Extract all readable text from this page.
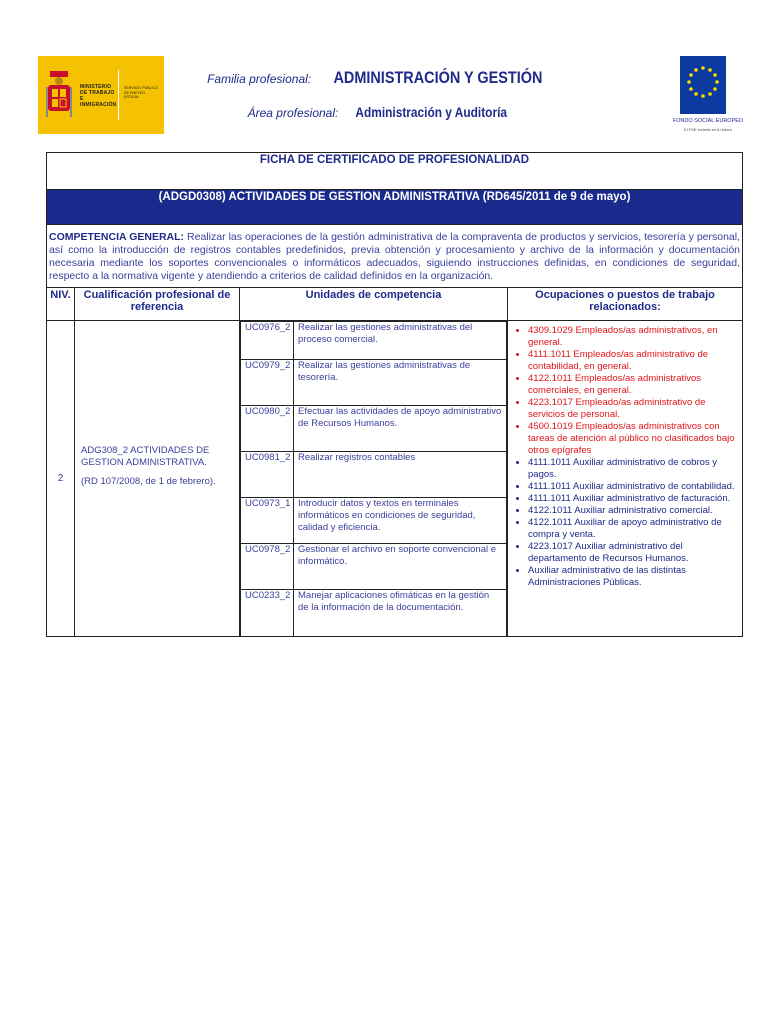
MINISTERIO DE TRABAJO E INMIGRACIÓN
SERVICIO PÚBLICO DE EMPLEO ESTATAL
Familia profesional: ADMINISTRACIÓN Y GESTIÓN
Área profesional: Administración y Auditoría
FONDO SOCIAL EUROPEO
El FSE invierte en tu futuro
FICHA DE CERTIFICADO DE PROFESIONALIDAD
(ADGD0308) ACTIVIDADES DE GESTION ADMINISTRATIVA (RD645/2011 de 9 de mayo)
COMPETENCIA GENERAL: Realizar las operaciones de la gestión administrativa de la compraventa de productos y servicios, tesorería y personal, así como la introducción de registros contables predefinidos, previa obtención y procesamiento y archivo de la información y documentación necesaria mediante los soportes convencionales o informáticos adecuados, siguiendo instrucciones definidas, en condiciones de seguridad, respecto a la normativa vigente y atendiendo a criterios de calidad definidos en la organización.
NIV.	Cualificación profesional de referencia	Unidades de competencia	Ocupaciones o puestos de trabajo relacionados:
2	
ADG308_2 ACTIVIDADES DE GESTION ADMINISTRATIVA.
(RD 107/2008, de 1 de febrero).

UC0976_2	Realizar las gestiones administrativas del proceso comercial.
UC0979_2	Realizar las gestiones administrativas de tesorería.
UC0980_2	Efectuar las actividades de apoyo administrativo de Recursos Humanos.
UC0981_2	Realizar registros contables
UC0973_1	Introducir datos y textos en terminales informáticos en condiciones de seguridad, calidad y eficiencia.
UC0978_2	Gestionar el archivo en soporte convencional e informático.
UC0233_2	Manejar aplicaciones ofimáticas en la gestión de la información de la documentación.

• 4309.1029 Empleados/as administrativos, en general.
• 4111.1011 Empleados/as administrativo de contabilidad, en general.
• 4122.1011 Empleados/as administrativos comerciales, en general.
• 4223.1017 Empleado/as administrativo de servicios de personal.
• 4500.1019 Empleados/as administrativos con tareas de atención al público no clasificados bajo otros epígrafes
• 4111.1011 Auxiliar administrativo de cobros y pagos.
• 4111.1011 Auxiliar administrativo de contabilidad.
• 4111.1011 Auxiliar administrativo de facturación.
• 4122.1011 Auxiliar administrativo comercial.
• 4122.1011 Auxiliar de apoyo administrativo de compra y venta.
• 4223.1017 Auxiliar administrativo del departamento de Recursos Humanos.
• Auxiliar administrativo de las distintas Administraciones Públicas.
